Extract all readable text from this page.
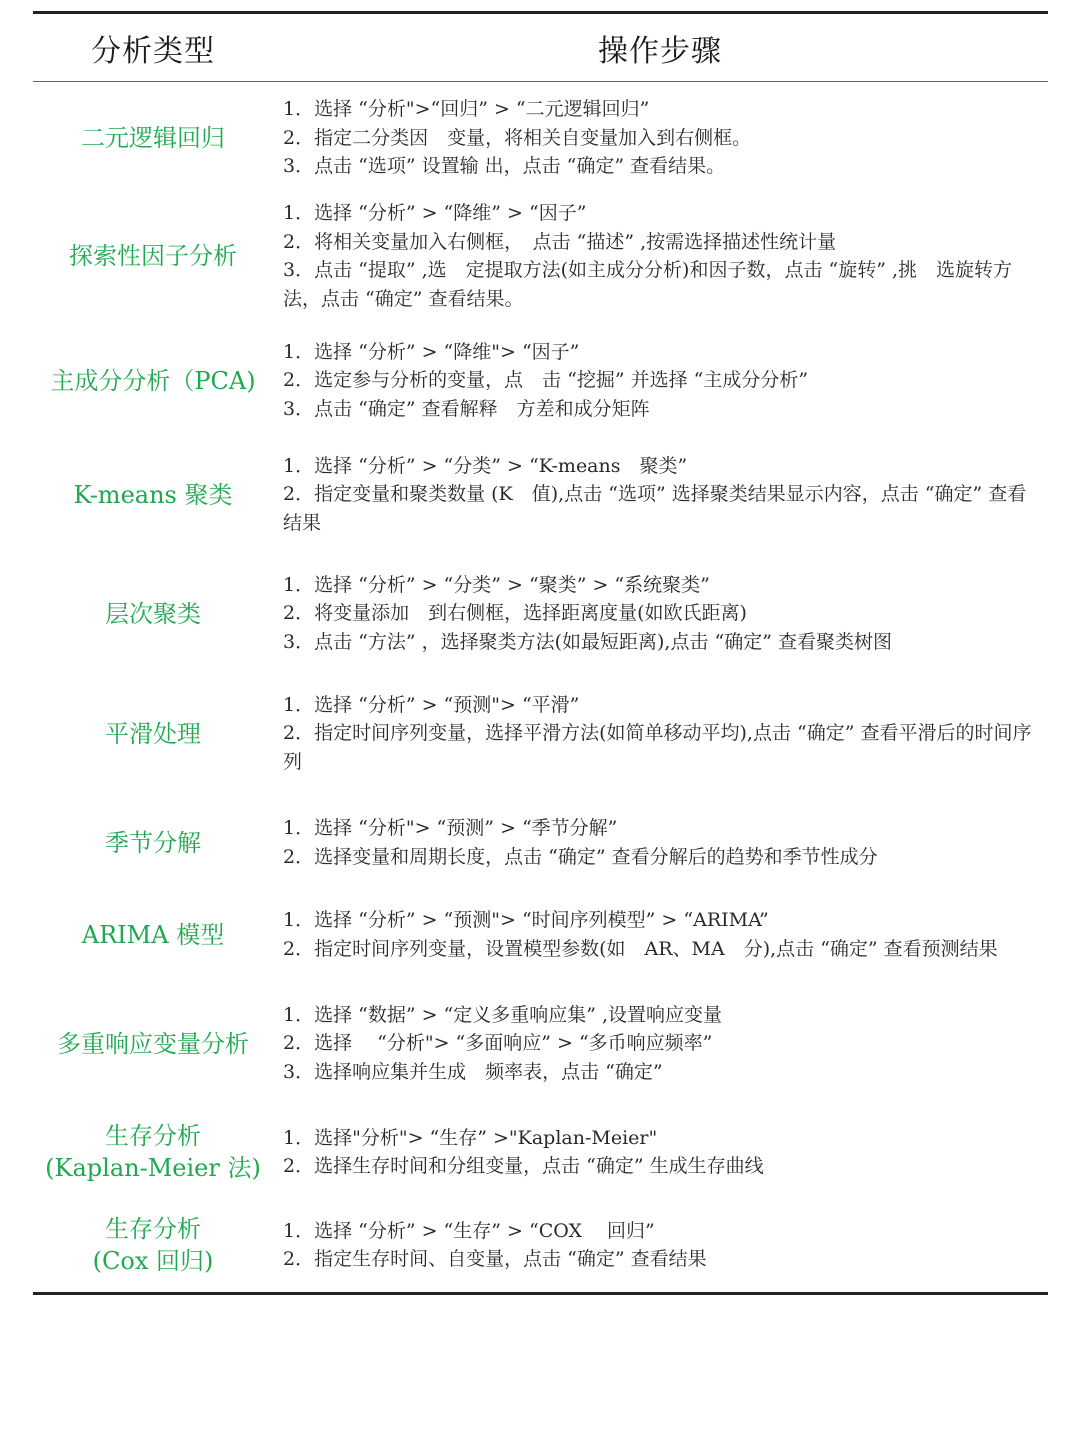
分析类型	操作步骤
二元逻辑回归
1．选择 “分析">“回归” > “二元逻辑回归”
2．指定二分类因　变量，将相关自变量加入到右侧框。
3．点击 “选项” 设置输 出，点击 “确定” 查看结果。
探索性因子分析
1．选择 “分析” > “降维” > “因子”
2．将相关变量加入右侧框，　点击 “描述” ,按需选择描述性统计量
3．点击 “提取” ,选　定提取方法(如主成分分析)和因子数，点击 “旋转” ,挑　选旋转方法，点击 “确定” 查看结果。
主成分分析（PCA)
1．选择 “分析” > “降维"> “因子”
2．选定参与分析的变量，点　击 “挖掘” 并选择 “主成分分析”
3．点击 “确定” 查看解释　方差和成分矩阵
K-means 聚类
1．选择 “分析” > “分类” > “K-means　聚类”
2．指定变量和聚类数量 (K　值),点击 “选项” 选择聚类结果显示内容，点击 “确定” 查看结果
层次聚类
1．选择 “分析” > “分类” > “聚类” > “系统聚类”
2．将变量添加　到右侧框，选择距离度量(如欧氏距离)
3．点击 “方法” ，选择聚类方法(如最短距离),点击 “确定” 查看聚类树图
平滑处理
1．选择 “分析” > “预测"> “平滑”
2．指定时间序列变量，选择平滑方法(如简单移动平均),点击 “确定” 查看平滑后的时间序列
季节分解
1．选择 “分析"> “预测” > “季节分解”
2．选择变量和周期长度，点击 “确定” 查看分解后的趋势和季节性成分
ARIMA 模型
1．选择 “分析” > “预测"> “时间序列模型” > “ARIMA”
2．指定时间序列变量，设置模型参数(如　AR、MA　分),点击 “确定” 查看预测结果
多重响应变量分析
1．选择 “数据” > “定义多重响应集” ,设置响应变量
2．选择　 “分析"> “多面响应” > “多币响应频率”
3．选择响应集并生成　频率表，点击 “确定”
生存分析
(Kaplan-Meier 法)
1．选择"分析"> “生存” >"Kaplan-Meier"
2．选择生存时间和分组变量，点击 “确定” 生成生存曲线
生存分析
(Cox 回归)
1．选择 “分析” > “生存” > “COX　 回归”
2．指定生存时间、自变量，点击 “确定” 查看结果
